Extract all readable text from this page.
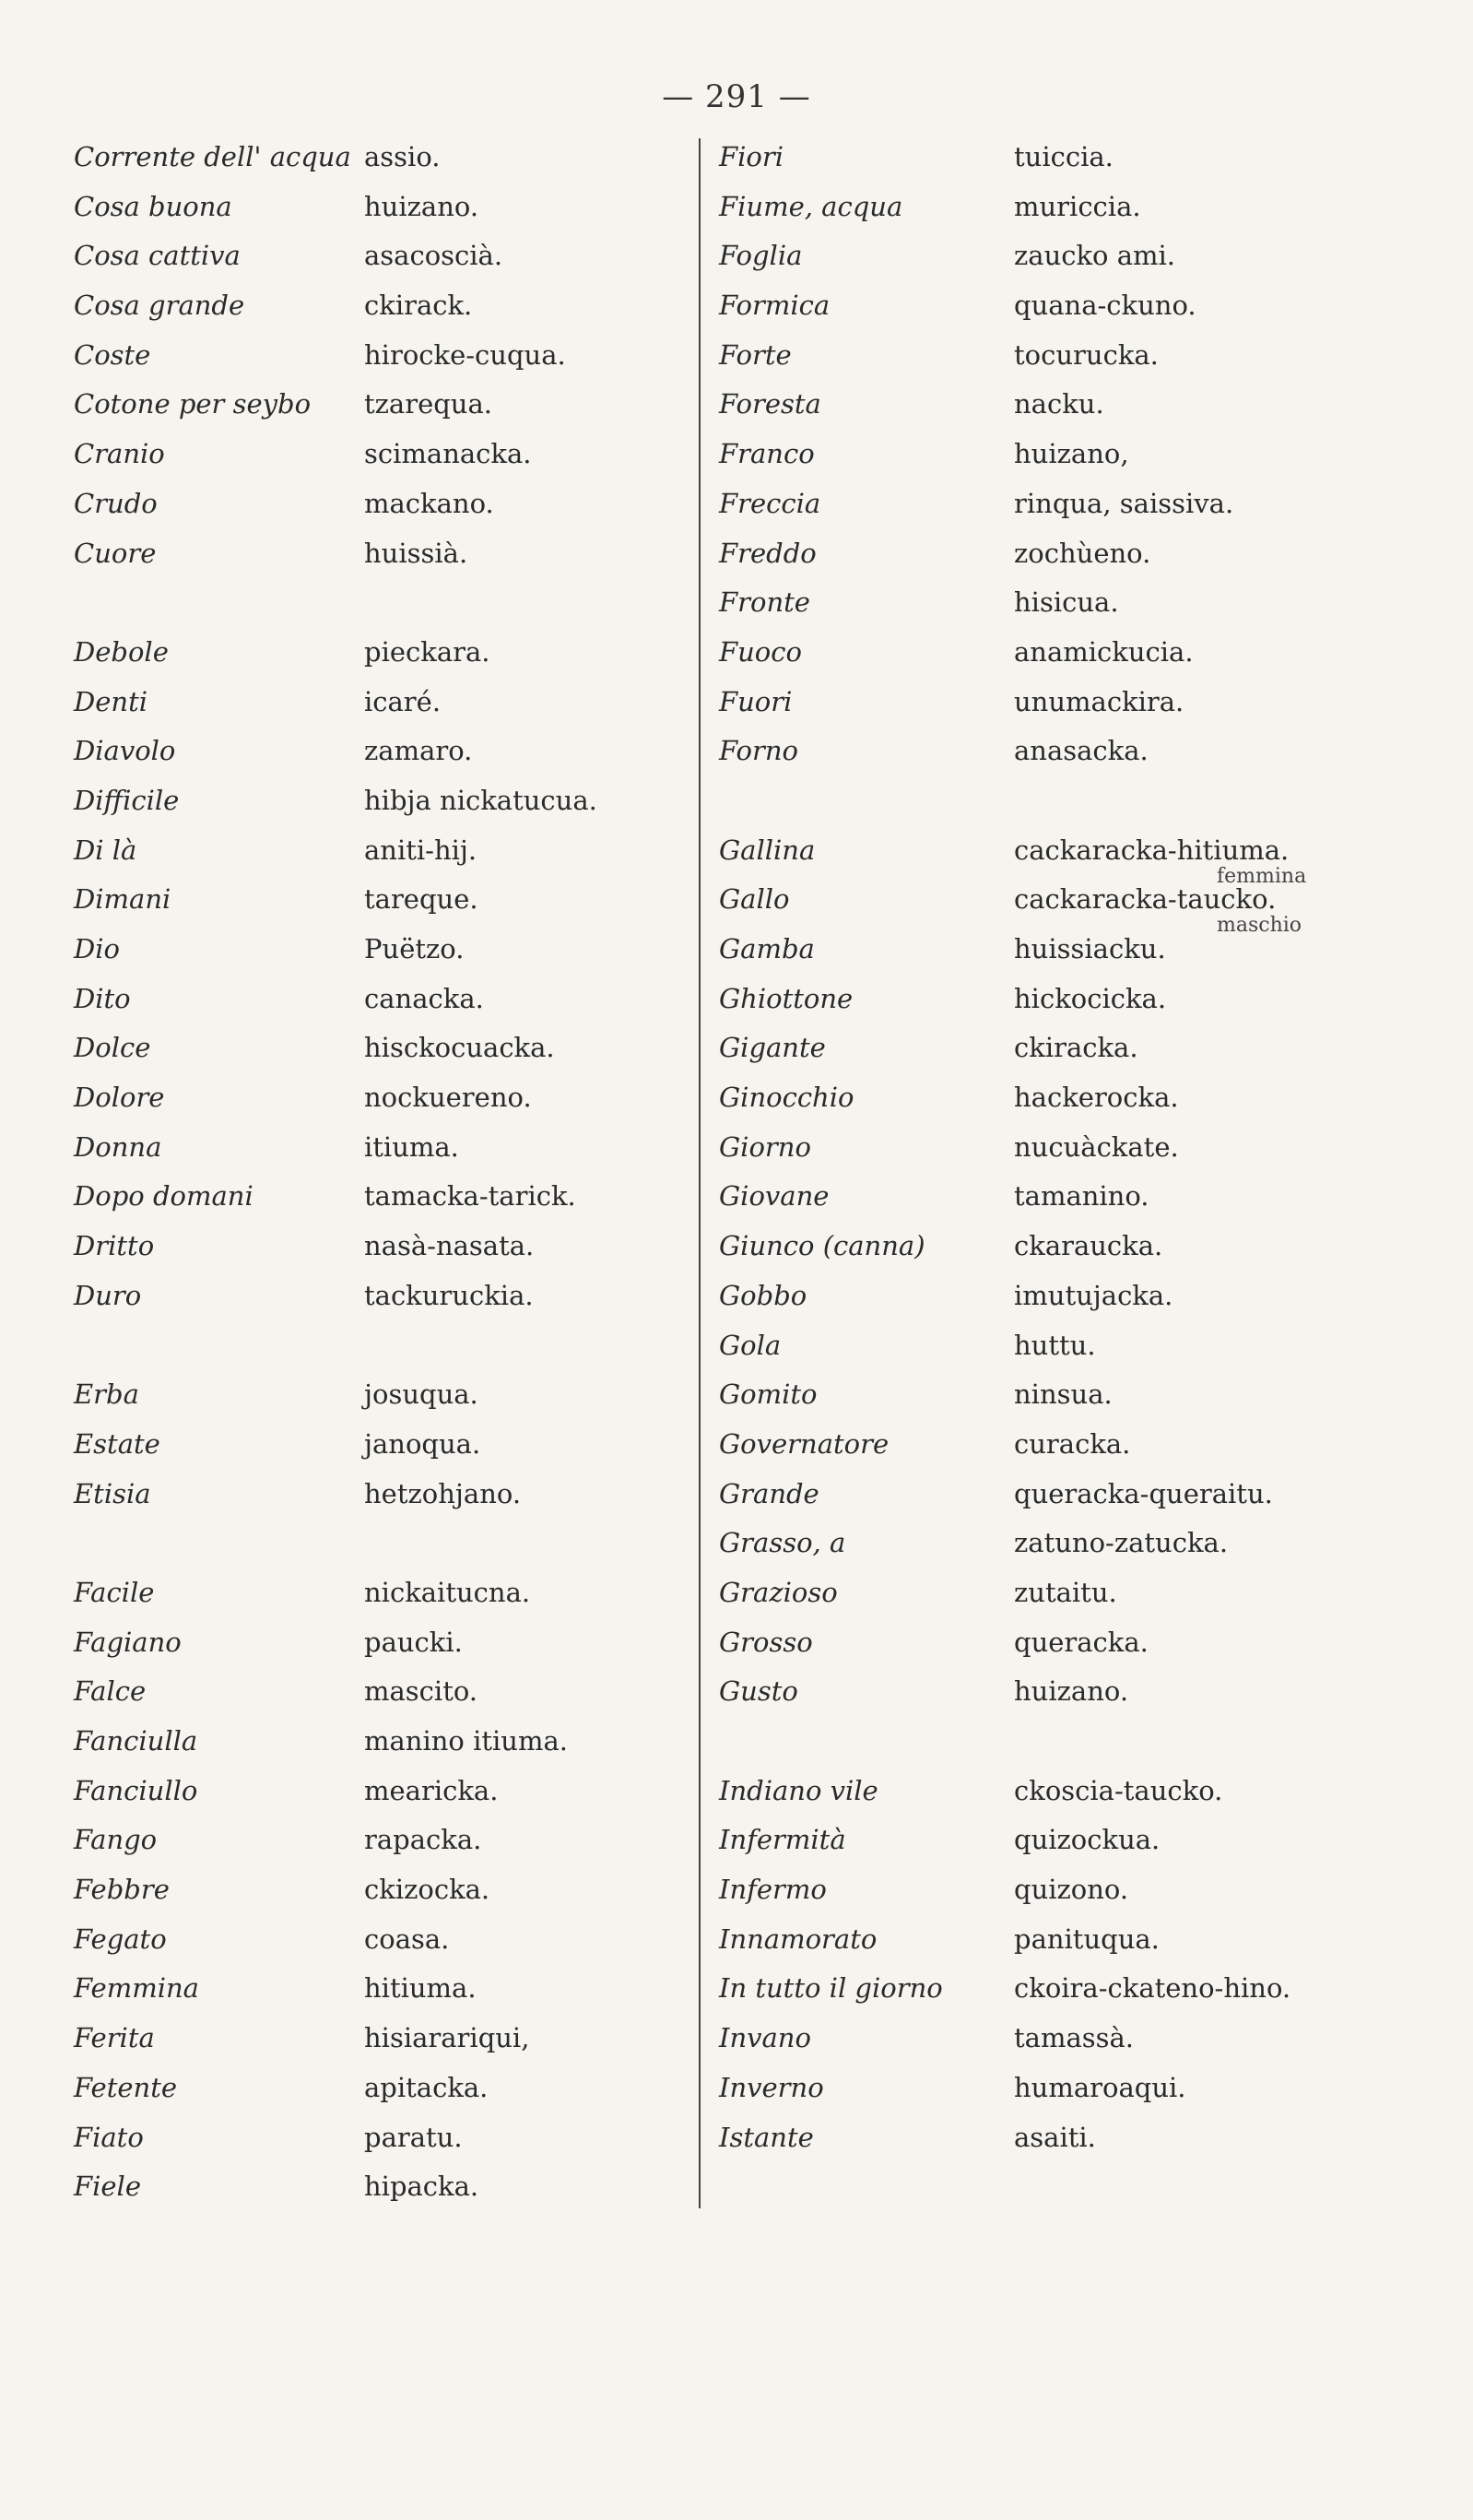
— 291 —
Corrente dell' acqua assio.
Cosa buona	huizano.
Cosa cattiva	asacoscià.
Cosa grande	ckirack.
Coste	hirocke-cuqua.
Cotone per seybo tzarequa.
Cranio	scimanacka.
Crudo	mackano.
Cuore	huissià.
Debole	pieckara.
Denti	icaré.
Diavolo	zamaro.
Difficile	hibja nickatucua.
Di là	aniti-hij.
Dimani	tareque.
Dio	Puëtzo.
Dito	canacka.
Dolce	hisckocuacka.
Dolore	nockuereno.
Donna	itiuma.
Dopo domani	tamacka-tarick.
Dritto	nasà-nasata.
Duro	tackuruckia.
Erba	josuqua.
Estate	janoqua.
Etisia	hetzohjano.
Facile	nickaitucna.
Fagiano	paucki.
Falce	mascito.
Fanciulla	manino itiuma.
Fanciullo	mearicka.
Fango	rapacka.
Febbre	ckizocka.
Fegato	coasa.
Femmina	hitiuma.
Ferita	hisiarariqui,
Fetente	apitacka.
Fiato	paratu.
Fiele	hipacka.
Fiori	tuiccia.
Fiume, acqua	muriccia.
Foglia	zaucko ami.
Formica	quana-ckuno.
Forte	tocurucka.
Foresta	nacku.
Franco	huizano,
Freccia	rinqua, saissiva.
Freddo	zochùeno.
Fronte	hisicua.
Fuoco	anamickucia.
Fuori	unumackira.
Forno	anasacka.
Gallina	cackaracka-hitiuma.
femmina
Gallo	cackaracka-taucko.
maschio
Gamba	huissiacku.
Ghiottone	hickocicka.
Gigante	ckiracka.
Ginocchio	hackerocka.
Giorno	nucuàckate.
Giovane	tamanino.
Giunco (canna)	ckaraucka.
Gobbo	imutujacka.
Gola	huttu.
Gomito	ninsua.
Governatore	curacka.
Grande	queracka-queraitu.
Grasso, a	zatuno-zatucka.
Grazioso	zutaitu.
Grosso	queracka.
Gusto	huizano.
Indiano vile	ckoscia-taucko.
Infermità	quizockua.
Infermo	quizono.
Innamorato	panituqua.
In tutto il giorno	ckoira-ckateno-hino.
Invano	tamassà.
Inverno	humaroaqui.
Istante	asaiti.
